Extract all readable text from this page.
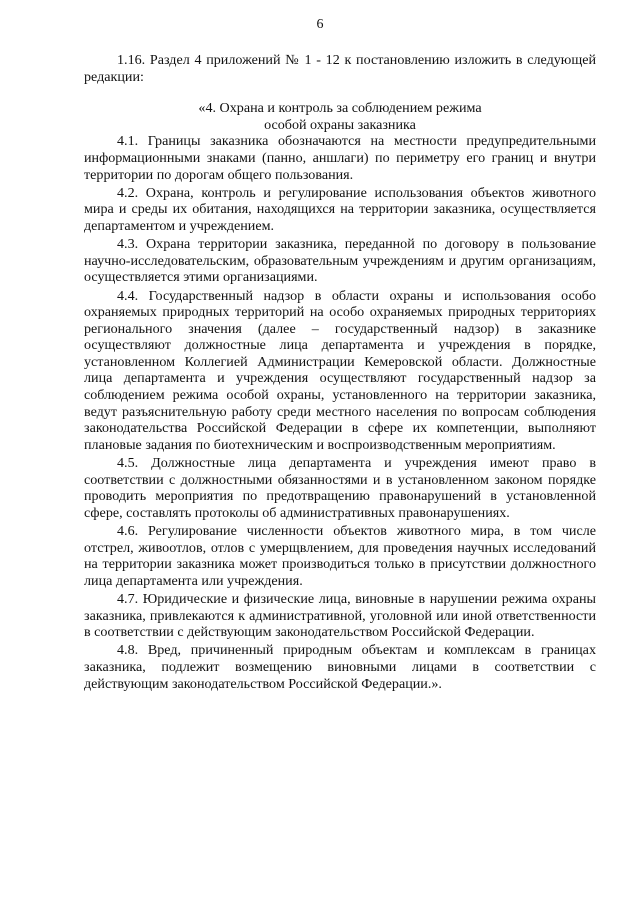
6

1.16. Раздел 4 приложений № 1 - 12 к постановлению изложить в следующей редакции:

«4. Охрана и контроль за соблюдением режима
особой охраны заказника

4.1. Границы заказника обозначаются на местности предупредительными информационными знаками (панно, аншлаги) по периметру его границ и внутри территории по дорогам общего пользования.

4.2. Охрана, контроль и регулирование использования объектов животного мира и среды их обитания, находящихся на территории заказника, осуществляется департаментом и учреждением.

4.3. Охрана территории заказника, переданной по договору в пользование научно-исследовательским, образовательным учреждениям и другим организациям, осуществляется этими организациями.

4.4. Государственный надзор в области охраны и использования особо охраняемых природных территорий на особо охраняемых природных территориях регионального значения (далее – государственный надзор) в заказнике осуществляют должностные лица департамента и учреждения в порядке, установленном Коллегией Администрации Кемеровской области. Должностные лица департамента и учреждения осуществляют государственный надзор за соблюдением режима особой охраны, установленного на территории заказника, ведут разъяснительную работу среди местного населения по вопросам соблюдения законодательства Российской Федерации в сфере их компетенции, выполняют плановые задания по биотехническим и воспроизводственным мероприятиям.

4.5. Должностные лица департамента и учреждения имеют право в соответствии с должностными обязанностями и в установленном законом порядке проводить мероприятия по предотвращению правонарушений в установленной сфере, составлять протоколы об административных правонарушениях.

4.6. Регулирование численности объектов животного мира, в том числе отстрел, живоотлов, отлов с умерщвлением, для проведения научных исследований на территории заказника может производиться только в присутствии должностного лица департамента или учреждения.

4.7. Юридические и физические лица, виновные в нарушении режима охраны заказника, привлекаются к административной, уголовной или иной ответственности в соответствии с действующим законодательством Российской Федерации.

4.8. Вред, причиненный природным объектам и комплексам в границах заказника, подлежит возмещению виновными лицами в соответствии с действующим законодательством Российской Федерации.».
